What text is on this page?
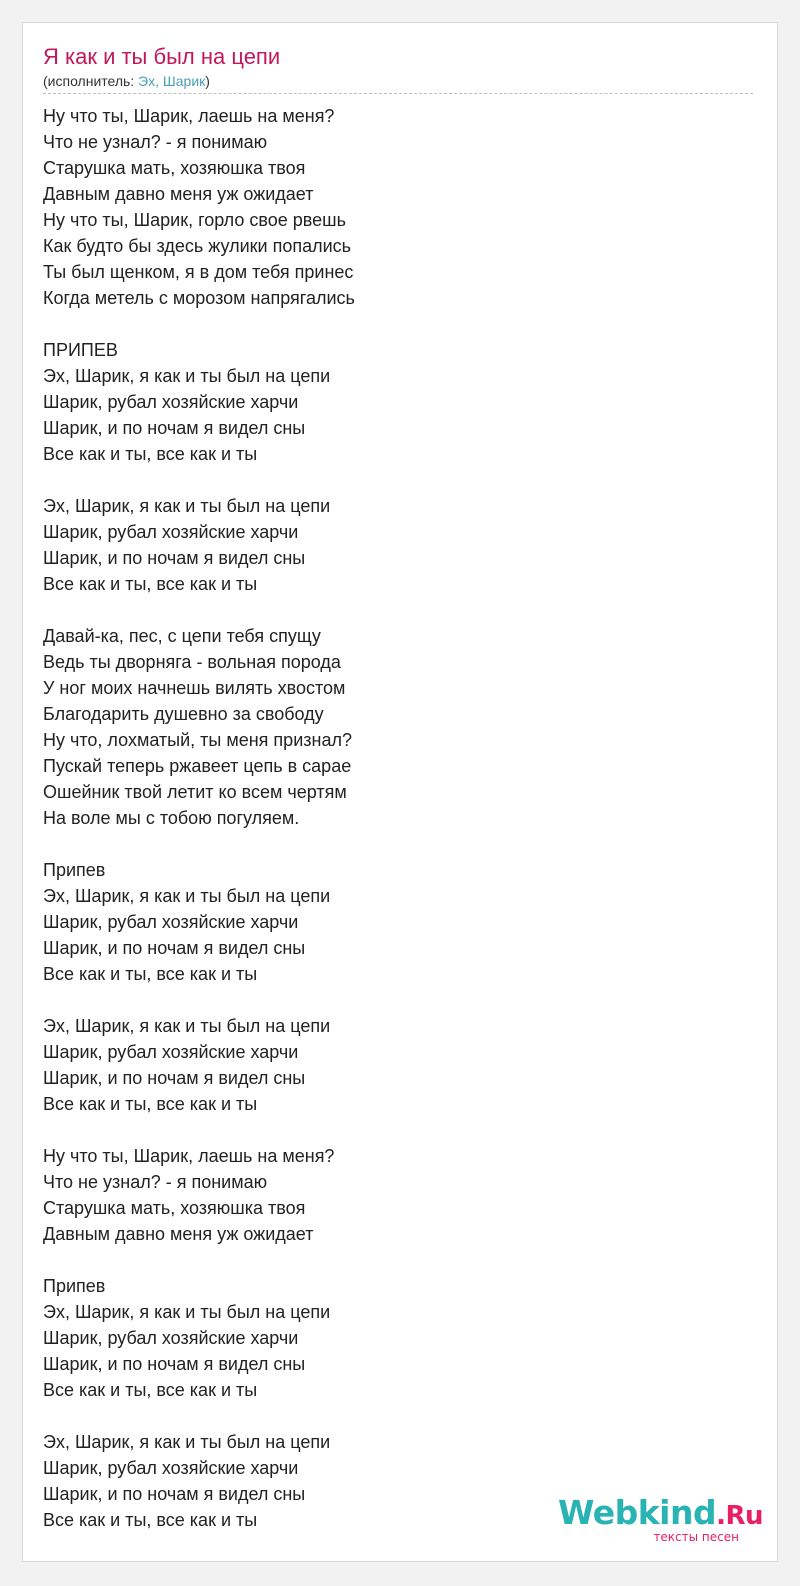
Я как и ты был на цепи
(исполнитель: Эх, Шарик)
Ну что ты, Шарик, лаешь на меня?
Что не узнал? - я понимаю
Старушка мать, хозяюшка твоя
Давным давно меня уж ожидает
Ну что ты, Шарик, горло свое рвешь
Как будто бы здесь жулики попались
Ты был щенком, я в дом тебя принес
Когда метель с морозом напрягались
ПРИПЕВ
Эх, Шарик, я как и ты был на цепи
Шарик, рубал хозяйские харчи
Шарик, и по ночам я видел сны
Все как и ты, все как и ты
Эх, Шарик, я как и ты был на цепи
Шарик, рубал хозяйские харчи
Шарик, и по ночам я видел сны
Все как и ты, все как и ты
Давай-ка, пес, с цепи тебя спущу
Ведь ты дворняга - вольная порода
У ног моих начнешь вилять хвостом
Благодарить душевно за свободу
Ну что, лохматый, ты меня признал?
Пускай теперь ржавеет цепь в сарае
Ошейник твой летит ко всем чертям
На воле мы с тобою погуляем.
Припев
Эх, Шарик, я как и ты был на цепи
Шарик, рубал хозяйские харчи
Шарик, и по ночам я видел сны
Все как и ты, все как и ты
Эх, Шарик, я как и ты был на цепи
Шарик, рубал хозяйские харчи
Шарик, и по ночам я видел сны
Все как и ты, все как и ты
Ну что ты, Шарик, лаешь на меня?
Что не узнал? - я понимаю
Старушка мать, хозяюшка твоя
Давным давно меня уж ожидает
Припев
Эх, Шарик, я как и ты был на цепи
Шарик, рубал хозяйские харчи
Шарик, и по ночам я видел сны
Все как и ты, все как и ты
Эх, Шарик, я как и ты был на цепи
Шарик, рубал хозяйские харчи
Шарик, и по ночам я видел сны
Все как и ты, все как и ты	Webkind.Ru
тексты песен
